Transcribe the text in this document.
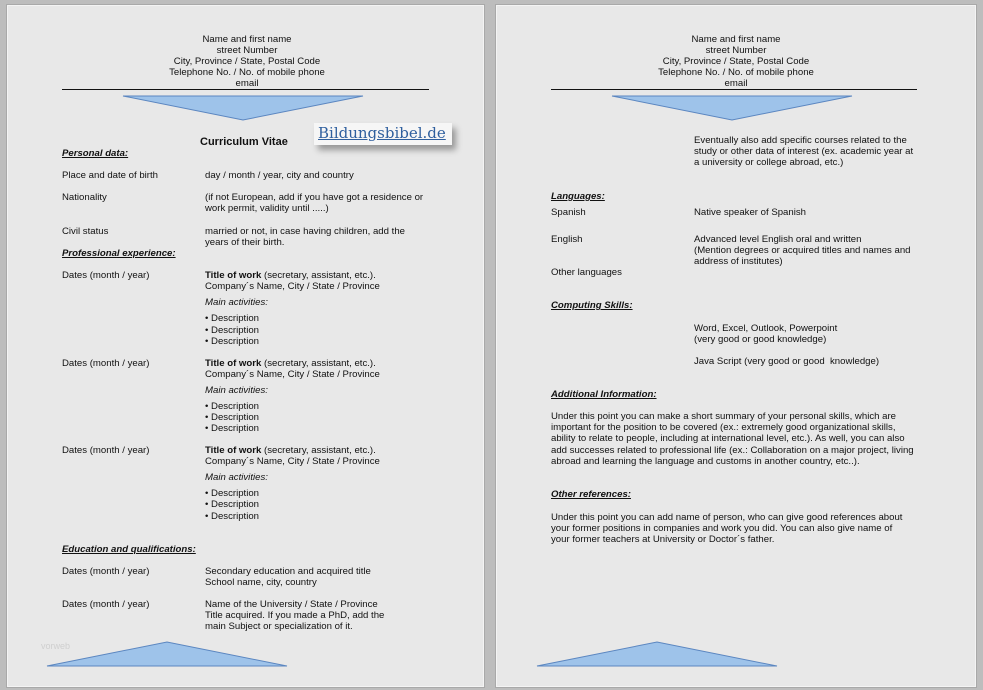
Name and first name
street Number
City, Province / State, Postal Code
Telephone No. / No. of mobile phone
email
Curriculum Vitae Bildungsbibel.de
Personal data:
Place and date of birth	day / month / year, city and country
Nationality	(if not European, add if you have got a residence or
work permit, validity until .....)
Civil status	married or not, in case having children, add the
years of their birth.
Professional experience:
Dates (month / year)	Title of work (secretary, assistant, etc.).
Company´s Name, City / State / Province
Main activities:
• Description
• Description
• Description
Dates (month / year)	Title of work (secretary, assistant, etc.).
Company´s Name, City / State / Province
Main activities:
• Description
• Description
• Description
Dates (month / year)	Title of work (secretary, assistant, etc.).
Company´s Name, City / State / Province
Main activities:
• Description
• Description
• Description
Education and qualifications:
Dates (month / year)	Secondary education and acquired title
School name, city, country
Dates (month / year)	Name of the University / State / Province
Title acquired. If you made a PhD, add the
main Subject or specialization of it.
vorweb
Name and first name
street Number
City, Province / State, Postal Code
Telephone No. / No. of mobile phone
email
Eventually also add specific courses related to the
study or other data of interest (ex. academic year at
a university or college abroad, etc.)
Languages:
Spanish	Native speaker of Spanish
English	Advanced level English oral and written
(Mention degrees or acquired titles and names and
address of institutes)
Other languages
Computing Skills:
Word, Excel, Outlook, Powerpoint
(very good or good knowledge)
Java Script (very good or good  knowledge)
Additional Information:
Under this point you can make a short summary of your personal skills, which are
important for the position to be covered (ex.: extremely good organizational skills,
ability to relate to people, including at international level, etc.). As well, you can also
add successes related to professional life (ex.: Collaboration on a major project, living
abroad and learning the language and customs in another country, etc..).
Other references:
Under this point you can add name of person, who can give good references about
your former positions in companies and work you did. You can also give name of
your former teachers at University or Doctor´s father.
